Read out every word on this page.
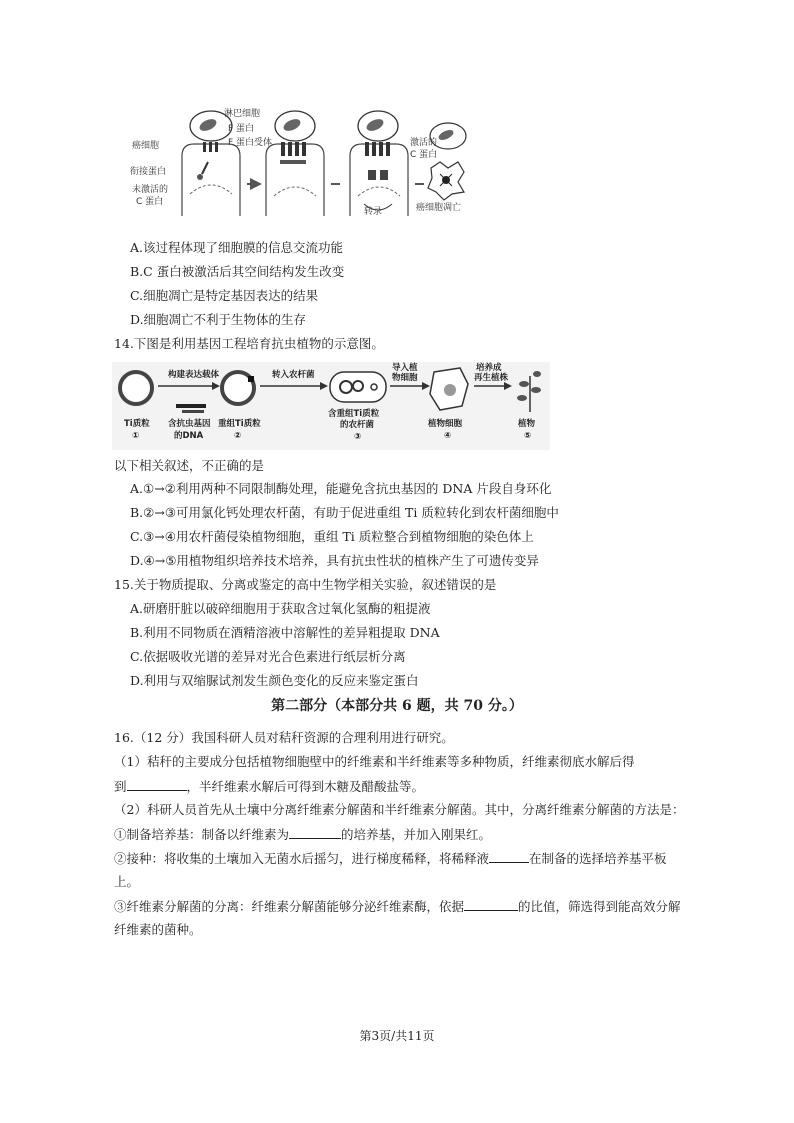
淋巴细胞
F 蛋白
F 蛋白受体
癌细胞
衔接蛋白
未激活的
C 蛋白
激活的
C 蛋白
转录	癌细胞凋亡
A.该过程体现了细胞膜的信息交流功能
B.C 蛋白被激活后其空间结构发生改变
C.细胞凋亡是特定基因表达的结果
D.细胞凋亡不利于生物体的生存
14.下图是利用基因工程培育抗虫植物的示意图。
构建表达载体	转入农杆菌
导入植
物细胞
培养成
再生植株
Ti质粒
①
含抗虫基因
的DNA
重组Ti质粒
②
含重组Ti质粒
的农杆菌
③
植物细胞
④
植物
⑤
以下相关叙述，不正确的是
A.①→②利用两种不同限制酶处理，能避免含抗虫基因的 DNA 片段自身环化
B.②→③可用氯化钙处理农杆菌，有助于促进重组 Ti 质粒转化到农杆菌细胞中
C.③→④用农杆菌侵染植物细胞，重组 Ti 质粒整合到植物细胞的染色体上
D.④→⑤用植物组织培养技术培养，具有抗虫性状的植株产生了可遗传变异
15.关于物质提取、分离或鉴定的高中生物学相关实验，叙述错误的是
A.研磨肝脏以破碎细胞用于获取含过氧化氢酶的粗提液
B.利用不同物质在酒精溶液中溶解性的差异粗提取 DNA
C.依据吸收光谱的差异对光合色素进行纸层析分离
D.利用与双缩脲试剂发生颜色变化的反应来鉴定蛋白
第二部分（本部分共 6 题，共 70 分。）
16.（12 分）我国科研人员对秸秆资源的合理利用进行研究。
（1）秸秆的主要成分包括植物细胞壁中的纤维素和半纤维素等多种物质，纤维素彻底水解后得
到	，半纤维素水解后可得到木糖及醋酸盐等。
（2）科研人员首先从土壤中分离纤维素分解菌和半纤维素分解菌。其中，分离纤维素分解菌的方法是：
①制备培养基：制备以纤维素为	的培养基，并加入刚果红。
②接种：将收集的土壤加入无菌水后摇匀，进行梯度稀释，将稀释液	在制备的选择培养基平板
上。
③纤维素分解菌的分离：纤维素分解菌能够分泌纤维素酶，依据	的比值，筛选得到能高效分解
纤维素的菌种。
第3页/共11页
